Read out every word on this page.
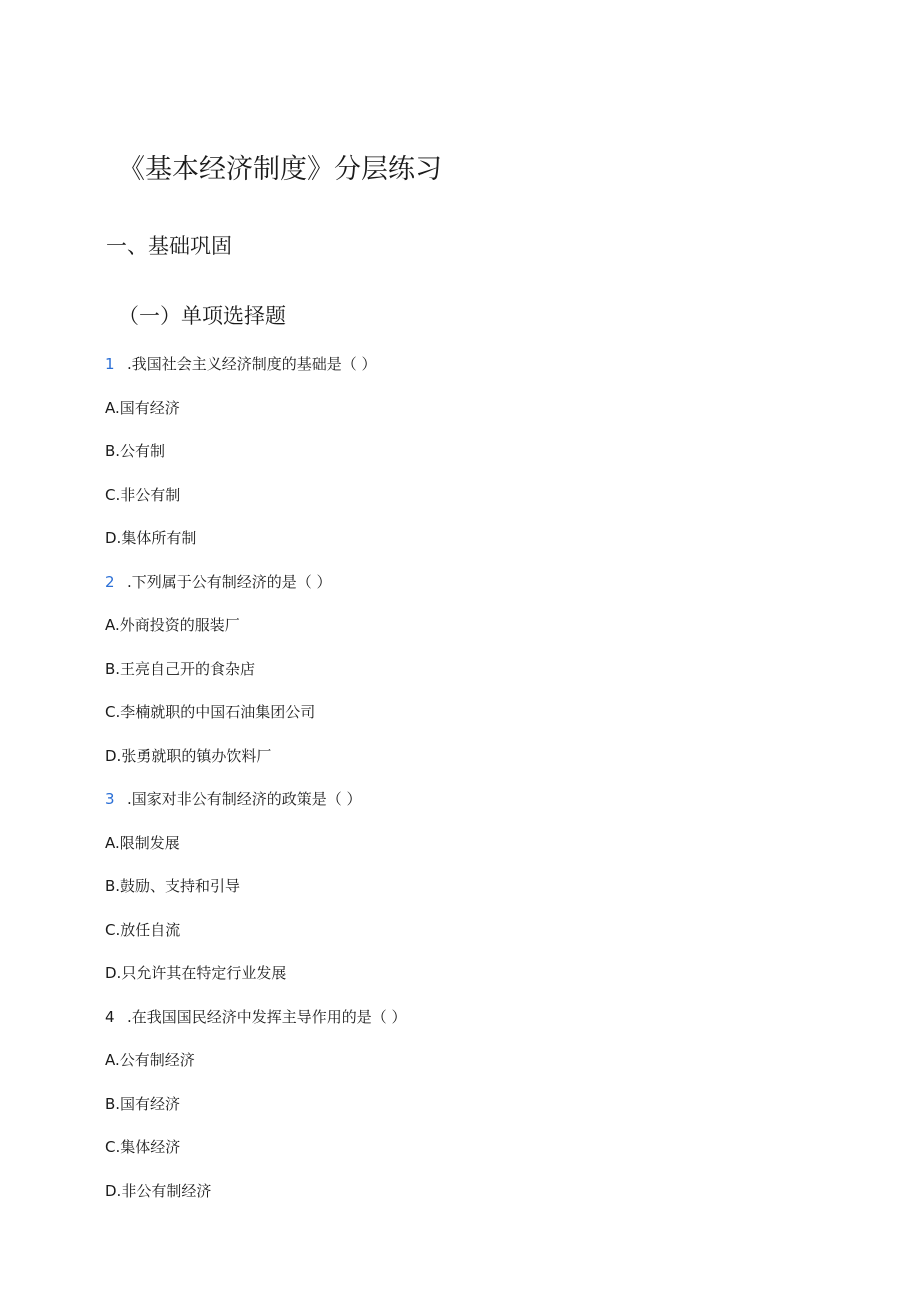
《基本经济制度》分层练习
一、基础巩固
（一）单项选择题
1 .我国社会主义经济制度的基础是（ ）
A.国有经济
B.公有制
C.非公有制
D.集体所有制
2 .下列属于公有制经济的是（ ）
A.外商投资的服装厂
B.王亮自己开的食杂店
C.李楠就职的中国石油集团公司
D.张勇就职的镇办饮料厂
3 .国家对非公有制经济的政策是（ ）
A.限制发展
B.鼓励、支持和引导
C.放任自流
D.只允许其在特定行业发展
4 .在我国国民经济中发挥主导作用的是（ ）
A.公有制经济
B.国有经济
C.集体经济
D.非公有制经济
